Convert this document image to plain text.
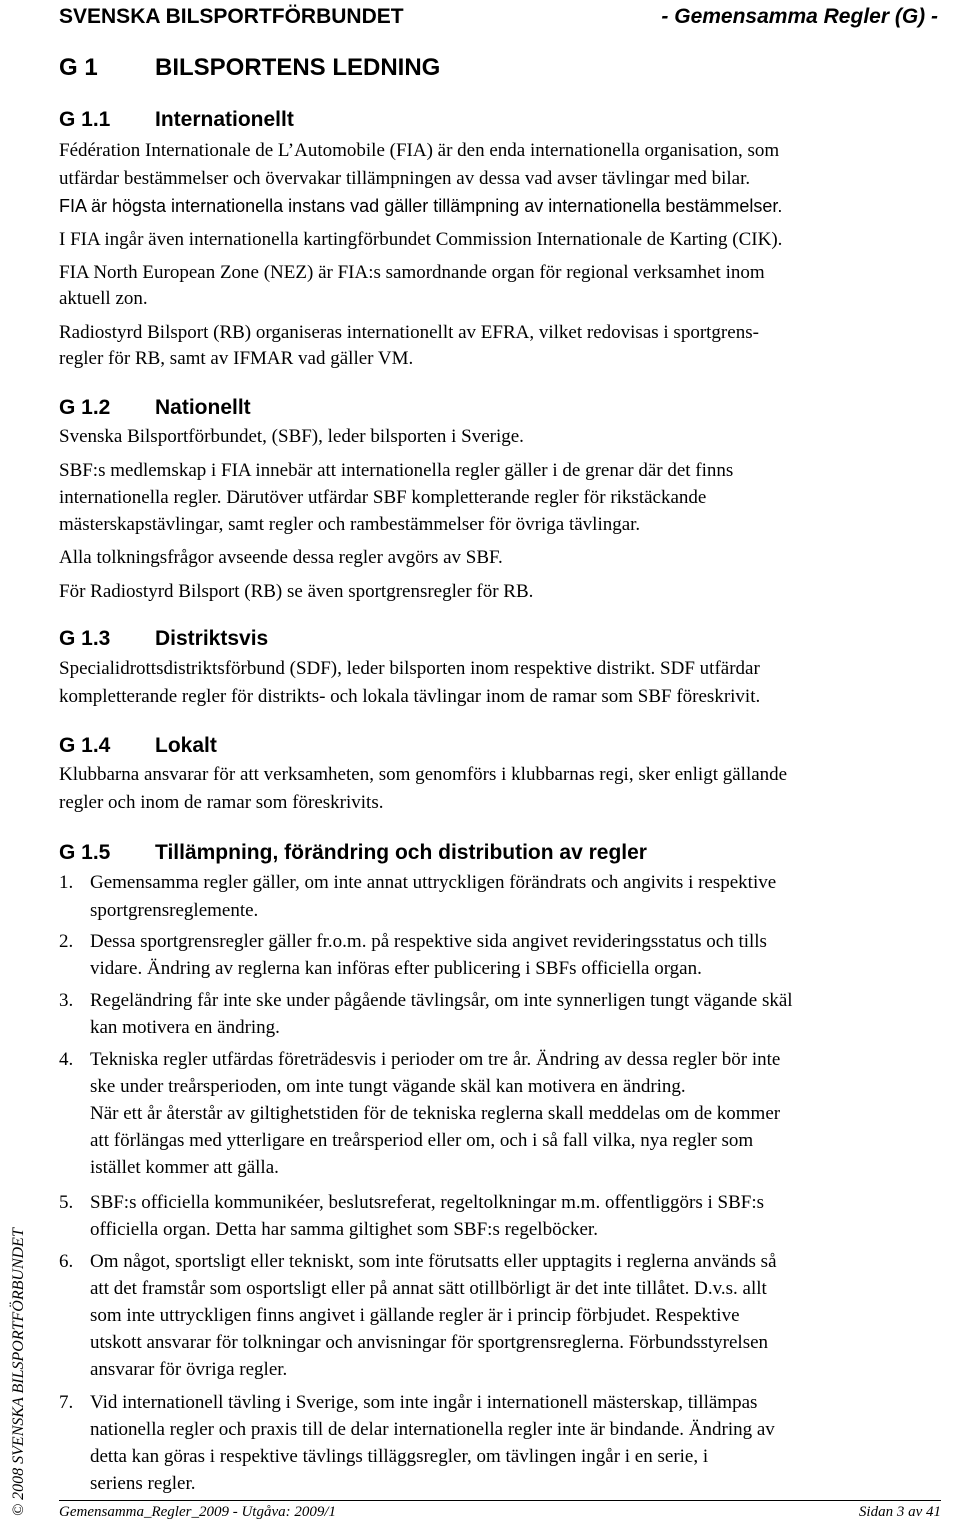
SVENSKA BILSPORTFÖRBUNDET	- Gemensamma Regler (G) -
G 1 BILSPORTENS LEDNING
G 1.1 Internationellt
Fédération Internationale de L’Automobile (FIA) är den enda internationella organisation, som
utfärdar bestämmelser och övervakar tillämpningen av dessa vad avser tävlingar med bilar.
FIA är högsta internationella instans vad gäller tillämpning av internationella bestämmelser.
I FIA ingår även internationella kartingförbundet Commission Internationale de Karting (CIK).
FIA North European Zone (NEZ) är FIA:s samordnande organ för regional verksamhet inom
aktuell zon.
Radiostyrd Bilsport (RB) organiseras internationellt av EFRA, vilket redovisas i sportgrens-
regler för RB, samt av IFMAR vad gäller VM.
G 1.2 Nationellt
Svenska Bilsportförbundet, (SBF), leder bilsporten i Sverige.
SBF:s medlemskap i FIA innebär att internationella regler gäller i de grenar där det finns
internationella regler. Därutöver utfärdar SBF kompletterande regler för rikstäckande
mästerskapstävlingar, samt regler och rambestämmelser för övriga tävlingar.
Alla tolkningsfrågor avseende dessa regler avgörs av SBF.
För Radiostyrd Bilsport (RB) se även sportgrensregler för RB.
G 1.3 Distriktsvis
Specialidrottsdistriktsförbund (SDF), leder bilsporten inom respektive distrikt. SDF utfärdar
kompletterande regler för distrikts- och lokala tävlingar inom de ramar som SBF föreskrivit.
G 1.4 Lokalt
Klubbarna ansvarar för att verksamheten, som genomförs i klubbarnas regi, sker enligt gällande
regler och inom de ramar som föreskrivits.
G 1.5 Tillämpning, förändring och distribution av regler
1. Gemensamma regler gäller, om inte annat uttryckligen förändrats och angivits i respektive
sportgrensreglemente.
2. Dessa sportgrensregler gäller fr.o.m. på respektive sida angivet revideringsstatus och tills
vidare. Ändring av reglerna kan införas efter publicering i SBFs officiella organ.
3. Regeländring får inte ske under pågående tävlingsår, om inte synnerligen tungt vägande skäl
kan motivera en ändring.
4. Tekniska regler utfärdas företrädesvis i perioder om tre år. Ändring av dessa regler bör inte
ske under treårsperioden, om inte tungt vägande skäl kan motivera en ändring.
När ett år återstår av giltighetstiden för de tekniska reglerna skall meddelas om de kommer
att förlängas med ytterligare en treårsperiod eller om, och i så fall vilka, nya regler som
istället kommer att gälla.
5. SBF:s officiella kommunikéer, beslutsreferat, regeltolkningar m.m. offentliggörs i SBF:s
officiella organ. Detta har samma giltighet som SBF:s regelböcker.
6. Om något, sportsligt eller tekniskt, som inte förutsatts eller upptagits i reglerna används så
att det framstår som osportsligt eller på annat sätt otillbörligt är det inte tillåtet. D.v.s. allt
som inte uttryckligen finns angivet i gällande regler är i princip förbjudet. Respektive
utskott ansvarar för tolkningar och anvisningar för sportgrensreglerna. Förbundsstyrelsen
ansvarar för övriga regler.
7. Vid internationell tävling i Sverige, som inte ingår i internationell mästerskap, tillämpas
nationella regler och praxis till de delar internationella regler inte är bindande. Ändring av
detta kan göras i respektive tävlings tilläggsregler, om tävlingen ingår i en serie, i
seriens regler.
© 2008 SVENSKA BILSPORTFÖRBUNDET Gemensamma_Regler_2009 - Utgåva: 2009/1	Sidan 3 av 41
